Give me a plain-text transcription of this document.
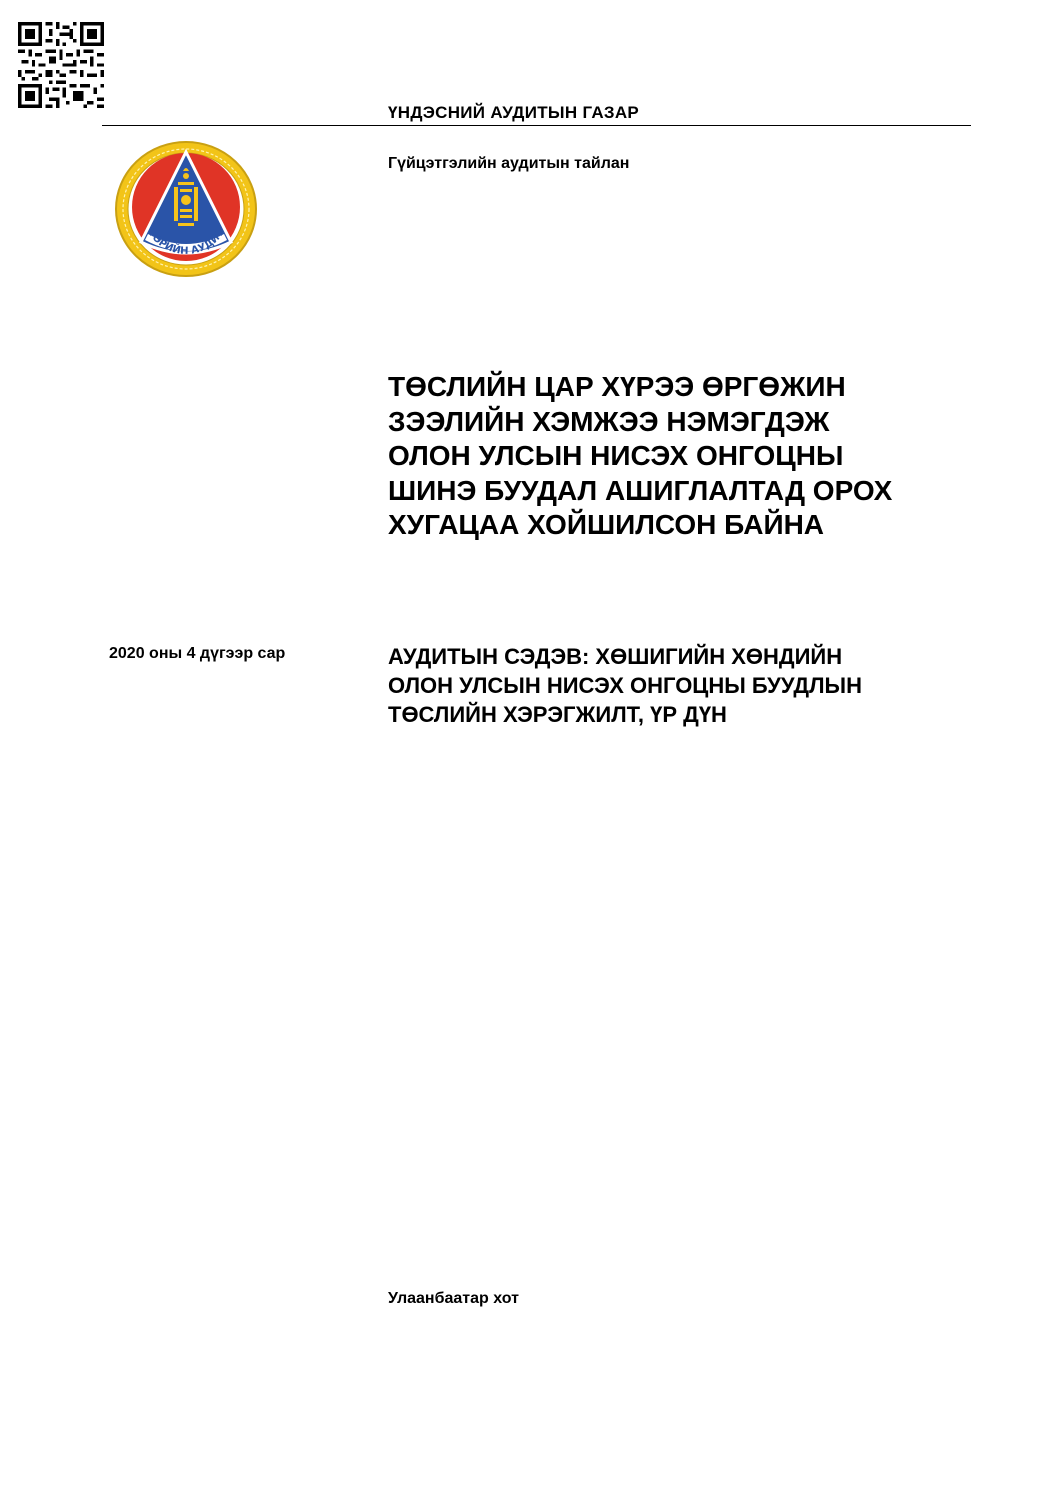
ҮНДЭСНИЙ АУДИТЫН ГАЗАР
Гүйцэтгэлийн аудитын тайлан
ТӨРИЙН АУДИТ
ТӨСЛИЙН ЦАР ХҮРЭЭ ӨРГӨЖИН
ЗЭЭЛИЙН ХЭМЖЭЭ НЭМЭГДЭЖ
ОЛОН УЛСЫН НИСЭХ ОНГОЦНЫ
ШИНЭ БУУДАЛ АШИГЛАЛТАД ОРОХ
ХУГАЦАА ХОЙШИЛСОН БАЙНА
2020 оны 4 дүгээр сар	АУДИТЫН СЭДЭВ: ХӨШИГИЙН ХӨНДИЙН
ОЛОН УЛСЫН НИСЭХ ОНГОЦНЫ БУУДЛЫН
ТӨСЛИЙН ХЭРЭГЖИЛТ, ҮР ДҮН
Улаанбаатар хот
